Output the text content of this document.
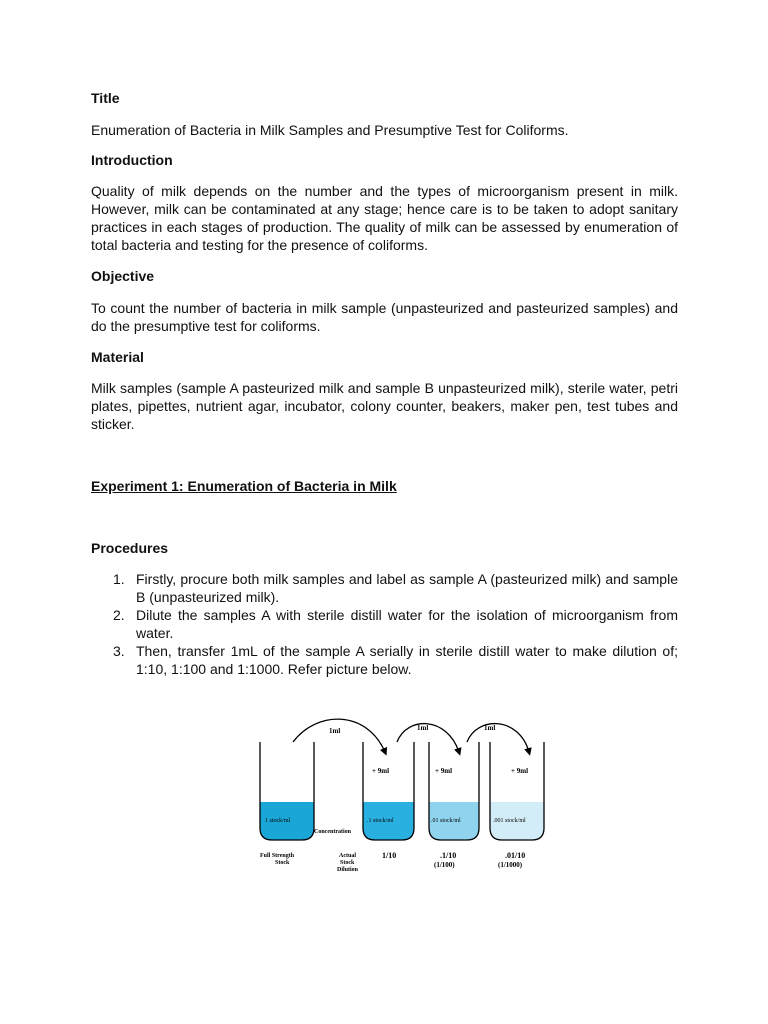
Title
Enumeration of Bacteria in Milk Samples and Presumptive Test for Coliforms.
Introduction
Quality of milk depends on the number and the types of microorganism present in milk. However, milk can be contaminated at any stage; hence care is to be taken to adopt sanitary practices in each stages of production. The quality of milk can be assessed by enumeration of total bacteria and testing for the presence of coliforms.
Objective
To count the number of bacteria in milk sample (unpasteurized and pasteurized samples) and do the presumptive test for coliforms.
Material
Milk samples (sample A pasteurized milk and sample B unpasteurized milk), sterile water, petri plates, pipettes, nutrient agar, incubator, colony counter, beakers, maker pen, test tubes and sticker.
Experiment 1: Enumeration of Bacteria in Milk
Procedures
1. Firstly, procure both milk samples and label as sample A (pasteurized milk) and sample B (unpasteurized milk).
2. Dilute the samples A with sterile distill water for the isolation of microorganism from water.
3. Then, transfer 1mL of the sample A serially in sterile distill water to make dilution of; 1:10, 1:100 and 1:1000. Refer picture below.
1ml	1ml	1ml
+ 9ml	+ 9ml	+ 9ml
1 stock/ml	.1 stock/ml	.01 stock/ml	.001 stock/ml
Concentration
Full Strength
Stock
Actual
Stock
Dilution
1/10	.1/10
(1/100)
.01/10
(1/1000)
